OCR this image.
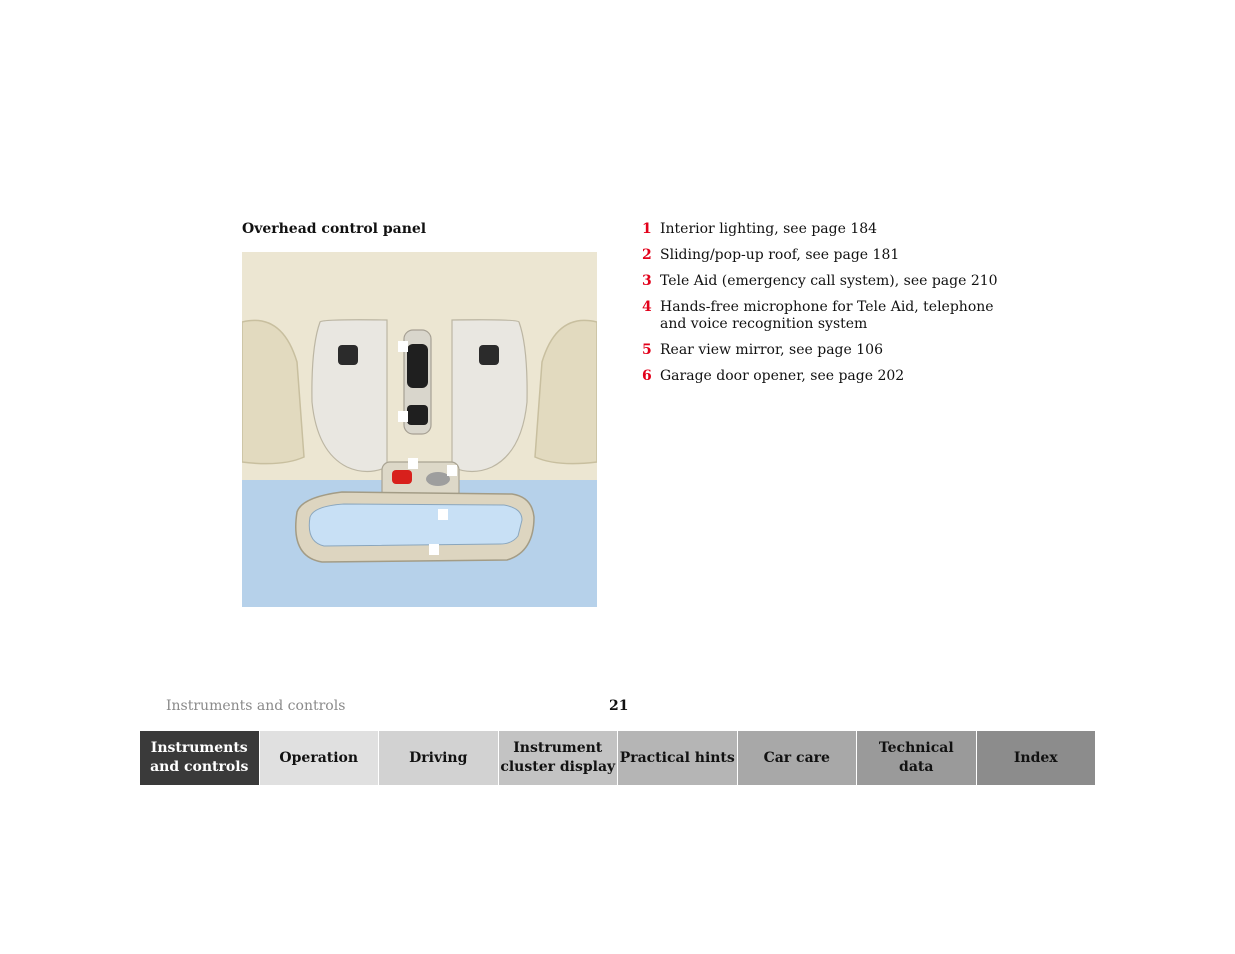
Overhead control panel	1 Interior lighting, see page 184
2 Sliding/pop-up roof, see page 181
3 Tele Aid (emergency call system), see page 210
4 Hands-free microphone for Tele Aid, telephone and voice recognition system
5 Rear view mirror, see page 106
6 Garage door opener, see page 202
Instruments and controls	21
Instruments
and controls
Operation	Driving
Instrument
cluster display
Practical hints	Car care
Technical
data
Index
